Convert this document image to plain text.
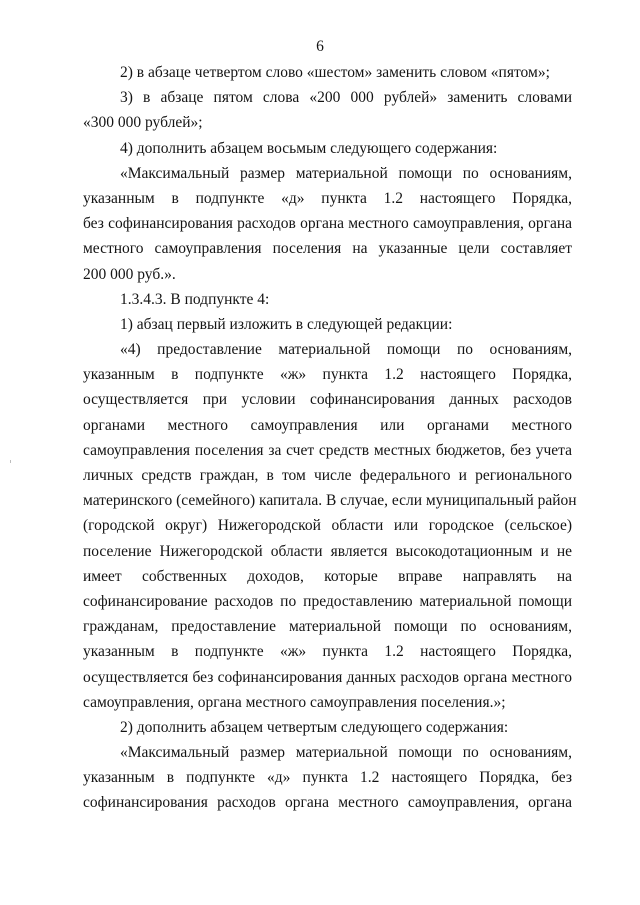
6
2) в абзаце четвертом слово «шестом» заменить словом «пятом»;
3) в абзаце пятом слова «200 000 рублей» заменить словами
«300 000 рублей»;
4) дополнить абзацем восьмым следующего содержания:
«Максимальный размер материальной помощи по основаниям,
указанным в подпункте «д» пункта 1.2 настоящего Порядка,
без софинансирования расходов органа местного самоуправления, органа
местного самоуправления поселения на указанные цели составляет
200 000 руб.».
1.3.4.3. В подпункте 4:
1) абзац первый изложить в следующей редакции:
«4) предоставление материальной помощи по основаниям,
указанным в подпункте «ж» пункта 1.2 настоящего Порядка,
осуществляется при условии софинансирования данных расходов
органами местного самоуправления или органами местного
самоуправления поселения за счет средств местных бюджетов, без учета
личных средств граждан, в том числе федерального и регионального
материнского (семейного) капитала. В случае, если муниципальный район
(городской округ) Нижегородской области или городское (сельское)
поселение Нижегородской области является высокодотационным и не
имеет собственных доходов, которые вправе направлять на
софинансирование расходов по предоставлению материальной помощи
гражданам, предоставление материальной помощи по основаниям,
указанным в подпункте «ж» пункта 1.2 настоящего Порядка,
осуществляется без софинансирования данных расходов органа местного
самоуправления, органа местного самоуправления поселения.»;
2) дополнить абзацем четвертым следующего содержания:
«Максимальный размер материальной помощи по основаниям,
указанным в подпункте «д» пункта 1.2 настоящего Порядка, без
софинансирования расходов органа местного самоуправления, органа
